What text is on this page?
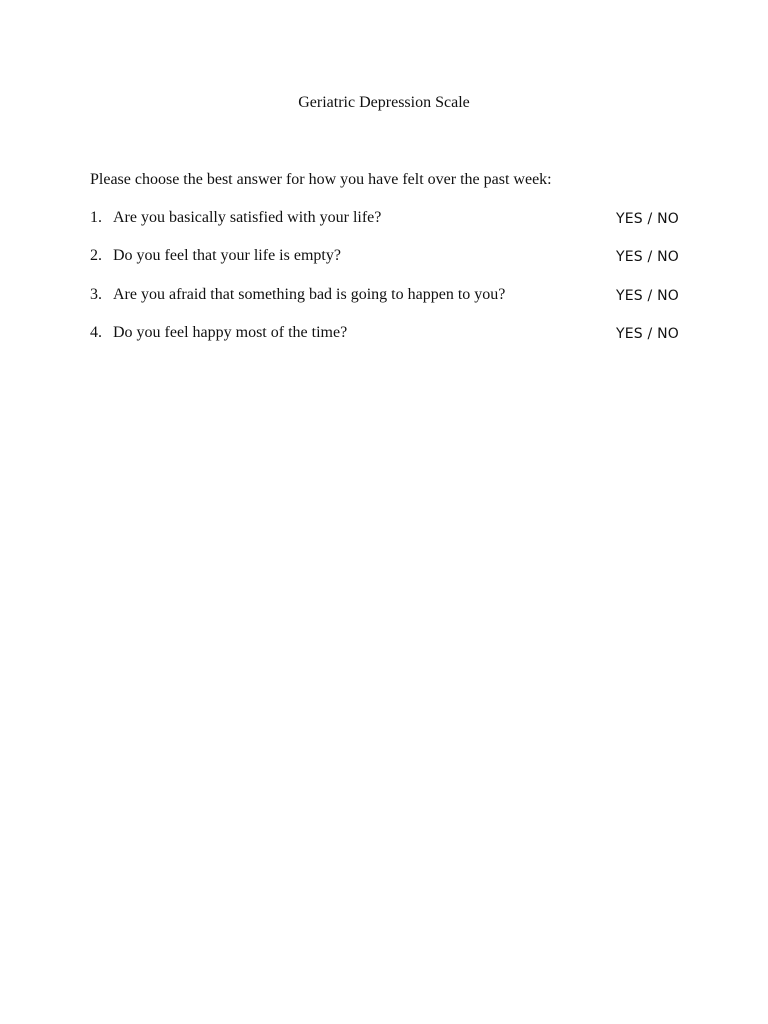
Geriatric Depression Scale
Please choose the best answer for how you have felt over the past week:
1. Are you basically satisfied with your life?	YES / NO
2. Do you feel that your life is empty?	YES / NO
3. Are you afraid that something bad is going to happen to you?	YES / NO
4. Do you feel happy most of the time?	YES / NO
